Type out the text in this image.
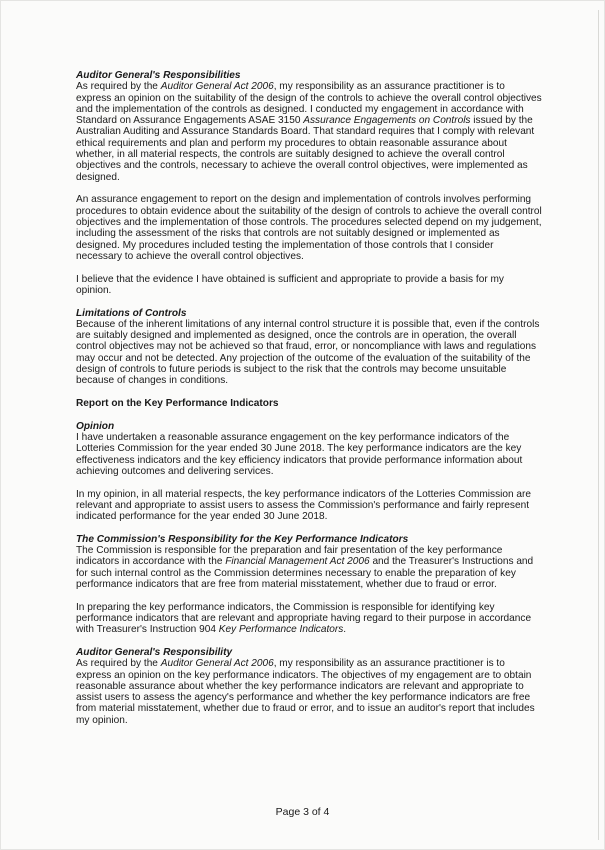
Auditor General's Responsibilities

As required by the Auditor General Act 2006, my responsibility as an assurance practitioner is to express an opinion on the suitability of the design of the controls to achieve the overall control objectives and the implementation of the controls as designed. I conducted my engagement in accordance with Standard on Assurance Engagements ASAE 3150 Assurance Engagements on Controls issued by the Australian Auditing and Assurance Standards Board. That standard requires that I comply with relevant ethical requirements and plan and perform my procedures to obtain reasonable assurance about whether, in all material respects, the controls are suitably designed to achieve the overall control objectives and the controls, necessary to achieve the overall control objectives, were implemented as designed.

An assurance engagement to report on the design and implementation of controls involves performing procedures to obtain evidence about the suitability of the design of controls to achieve the overall control objectives and the implementation of those controls. The procedures selected depend on my judgement, including the assessment of the risks that controls are not suitably designed or implemented as designed. My procedures included testing the implementation of those controls that I consider necessary to achieve the overall control objectives.

I believe that the evidence I have obtained is sufficient and appropriate to provide a basis for my opinion.

Limitations of Controls

Because of the inherent limitations of any internal control structure it is possible that, even if the controls are suitably designed and implemented as designed, once the controls are in operation, the overall control objectives may not be achieved so that fraud, error, or noncompliance with laws and regulations may occur and not be detected. Any projection of the outcome of the evaluation of the suitability of the design of controls to future periods is subject to the risk that the controls may become unsuitable because of changes in conditions.

Report on the Key Performance Indicators

Opinion

I have undertaken a reasonable assurance engagement on the key performance indicators of the Lotteries Commission for the year ended 30 June 2018. The key performance indicators are the key effectiveness indicators and the key efficiency indicators that provide performance information about achieving outcomes and delivering services.

In my opinion, in all material respects, the key performance indicators of the Lotteries Commission are relevant and appropriate to assist users to assess the Commission's performance and fairly represent indicated performance for the year ended 30 June 2018.

The Commission's Responsibility for the Key Performance Indicators

The Commission is responsible for the preparation and fair presentation of the key performance indicators in accordance with the Financial Management Act 2006 and the Treasurer's Instructions and for such internal control as the Commission determines necessary to enable the preparation of key performance indicators that are free from material misstatement, whether due to fraud or error.

In preparing the key performance indicators, the Commission is responsible for identifying key performance indicators that are relevant and appropriate having regard to their purpose in accordance with Treasurer's Instruction 904 Key Performance Indicators.

Auditor General's Responsibility

As required by the Auditor General Act 2006, my responsibility as an assurance practitioner is to express an opinion on the key performance indicators. The objectives of my engagement are to obtain reasonable assurance about whether the key performance indicators are relevant and appropriate to assist users to assess the agency's performance and whether the key performance indicators are free from material misstatement, whether due to fraud or error, and to issue an auditor's report that includes my opinion.

Page 3 of 4
